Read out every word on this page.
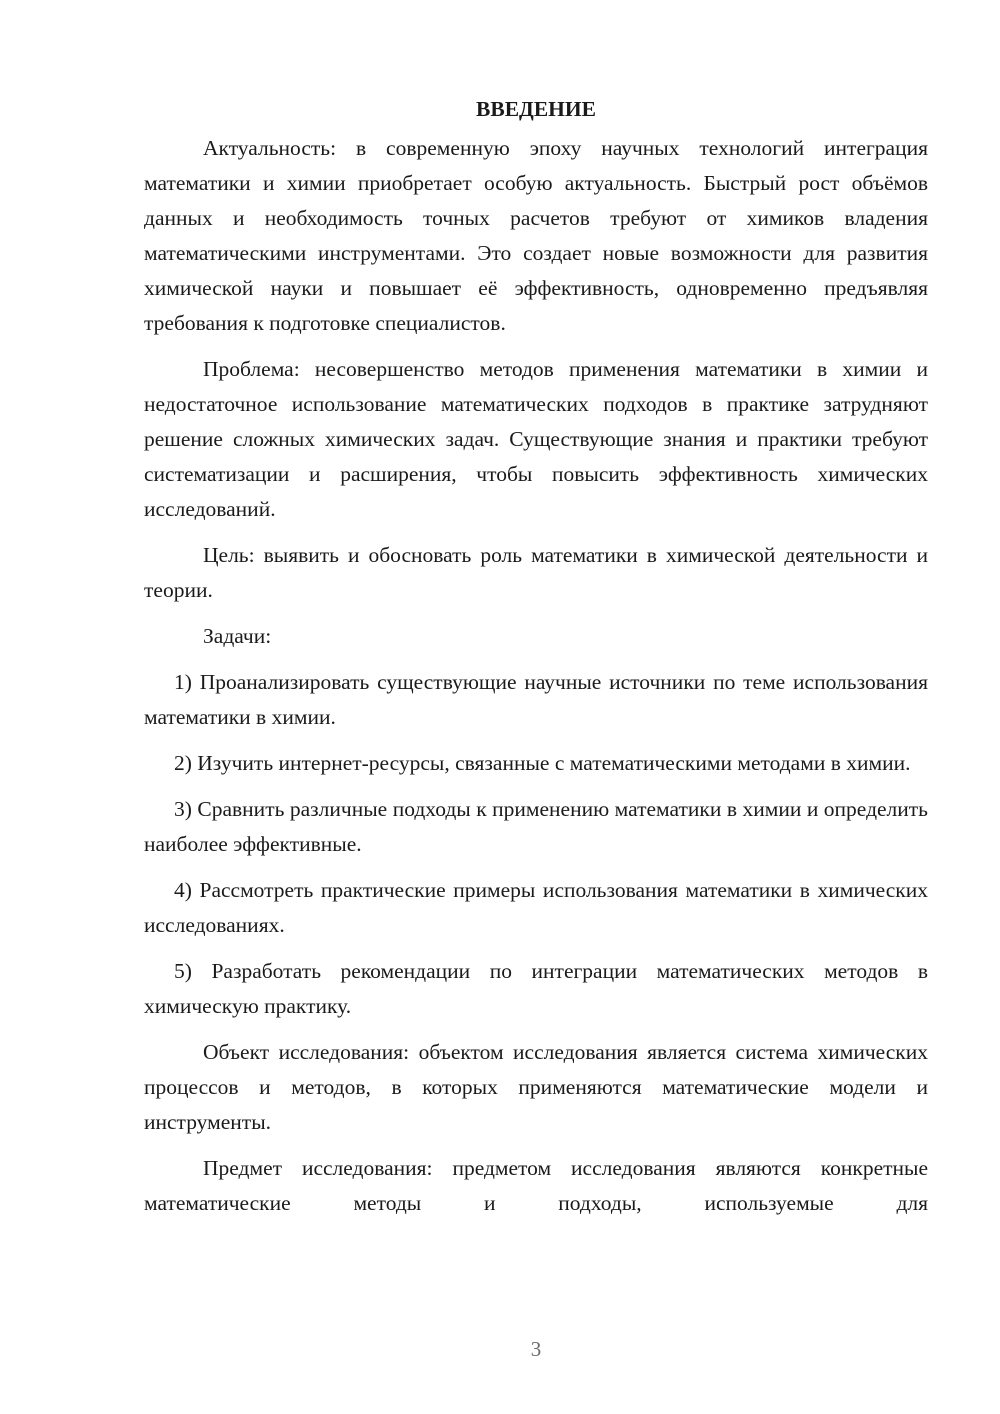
ВВЕДЕНИЕ

Актуальность: в современную эпоху научных технологий интеграция математики и химии приобретает особую актуальность. Быстрый рост объёмов данных и необходимость точных расчетов требуют от химиков владения математическими инструментами. Это создает новые возможности для развития химической науки и повышает её эффективность, одновременно предъявляя требования к подготовке специалистов.

Проблема: несовершенство методов применения математики в химии и недостаточное использование математических подходов в практике затрудняют решение сложных химических задач. Существующие знания и практики требуют систематизации и расширения, чтобы повысить эффективность химических исследований.

Цель: выявить и обосновать роль математики в химической деятельности и теории.

Задачи:

1) Проанализировать существующие научные источники по теме использования математики в химии.

2) Изучить интернет-ресурсы, связанные с математическими методами в химии.

3) Сравнить различные подходы к применению математики в химии и определить наиболее эффективные.

4) Рассмотреть практические примеры использования математики в химических исследованиях.

5) Разработать рекомендации по интеграции математических методов в химическую практику.

Объект исследования: объектом исследования является система химических процессов и методов, в которых применяются математические модели и инструменты.

Предмет исследования: предметом исследования являются конкретные математические методы и подходы, используемые для

3
